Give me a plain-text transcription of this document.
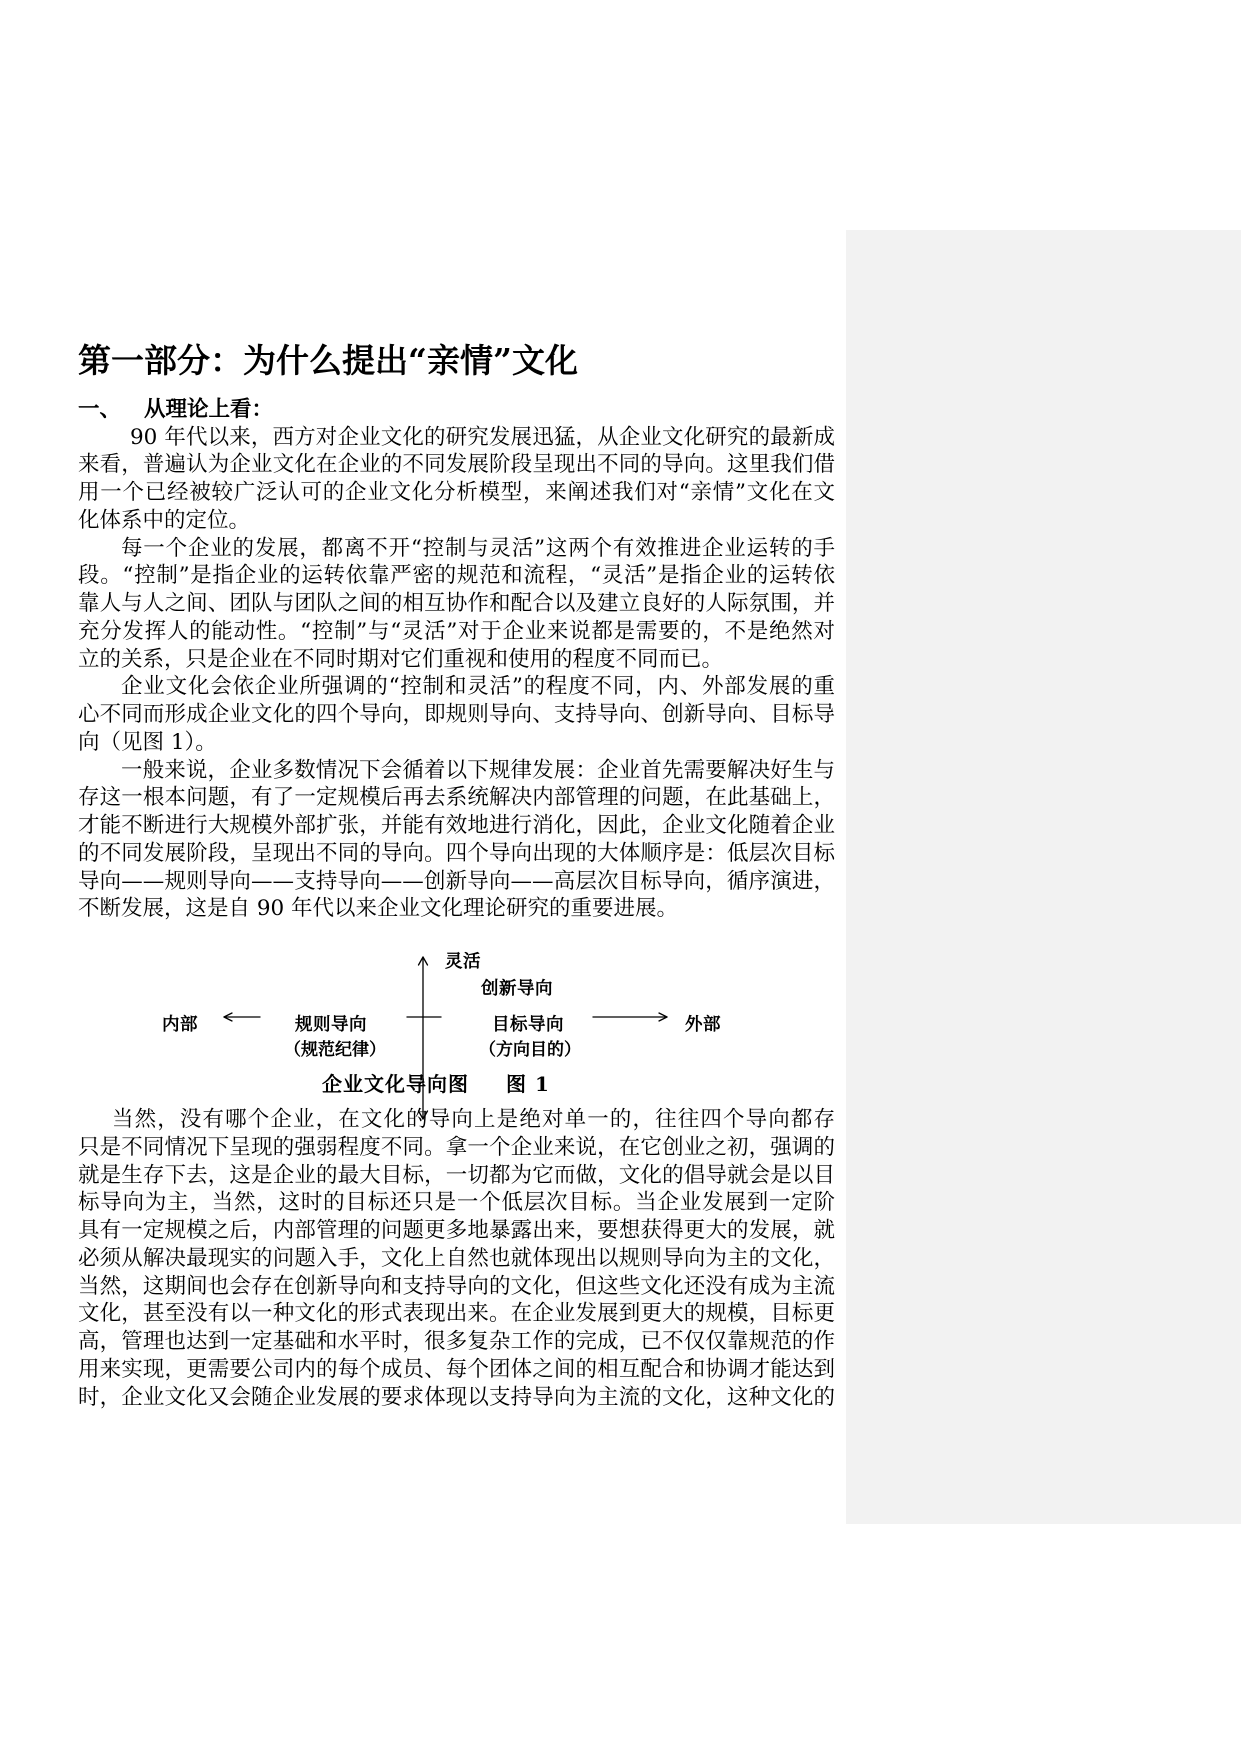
第一部分：为什么提出“亲情”文化
一、 从理论上看：
90 年代以来，西方对企业文化的研究发展迅猛，从企业文化研究的最新成
来看，普遍认为企业文化在企业的不同发展阶段呈现出不同的导向。这里我们借
用一个已经被较广泛认可的企业文化分析模型，来阐述我们对“亲情”文化在文
化体系中的定位。
每一个企业的发展，都离不开“控制与灵活”这两个有效推进企业运转的手
段。“控制”是指企业的运转依靠严密的规范和流程，“灵活”是指企业的运转依
靠人与人之间、团队与团队之间的相互协作和配合以及建立良好的人际氛围，并
充分发挥人的能动性。“控制”与“灵活”对于企业来说都是需要的，不是绝然对
立的关系，只是企业在不同时期对它们重视和使用的程度不同而已。
企业文化会依企业所强调的“控制和灵活”的程度不同，内、外部发展的重
心不同而形成企业文化的四个导向，即规则导向、支持导向、创新导向、目标导
向（见图 1）。
一般来说，企业多数情况下会循着以下规律发展：企业首先需要解决好生与
存这一根本问题，有了一定规模后再去系统解决内部管理的问题，在此基础上，
才能不断进行大规模外部扩张，并能有效地进行消化，因此，企业文化随着企业
的不同发展阶段，呈现出不同的导向。四个导向出现的大体顺序是：低层次目标
导向——规则导向——支持导向——创新导向——高层次目标导向，循序演进，
不断发展，这是自 90 年代以来企业文化理论研究的重要进展。
灵活
创新导向
内部	规则导向
（规范纪律）
目标导向
（方向目的）
外部
企业文化导向图 图 1
当然，没有哪个企业，在文化的导向上是绝对单一的，往往四个导向都存
只是不同情况下呈现的强弱程度不同。拿一个企业来说，在它创业之初，强调的
就是生存下去，这是企业的最大目标，一切都为它而做，文化的倡导就会是以目
标导向为主，当然，这时的目标还只是一个低层次目标。当企业发展到一定阶
具有一定规模之后，内部管理的问题更多地暴露出来，要想获得更大的发展，就
必须从解决最现实的问题入手，文化上自然也就体现出以规则导向为主的文化，
当然，这期间也会存在创新导向和支持导向的文化，但这些文化还没有成为主流
文化，甚至没有以一种文化的形式表现出来。在企业发展到更大的规模，目标更
高，管理也达到一定基础和水平时，很多复杂工作的完成，已不仅仅靠规范的作
用来实现，更需要公司内的每个成员、每个团体之间的相互配合和协调才能达到
时，企业文化又会随企业发展的要求体现以支持导向为主流的文化，这种文化的
